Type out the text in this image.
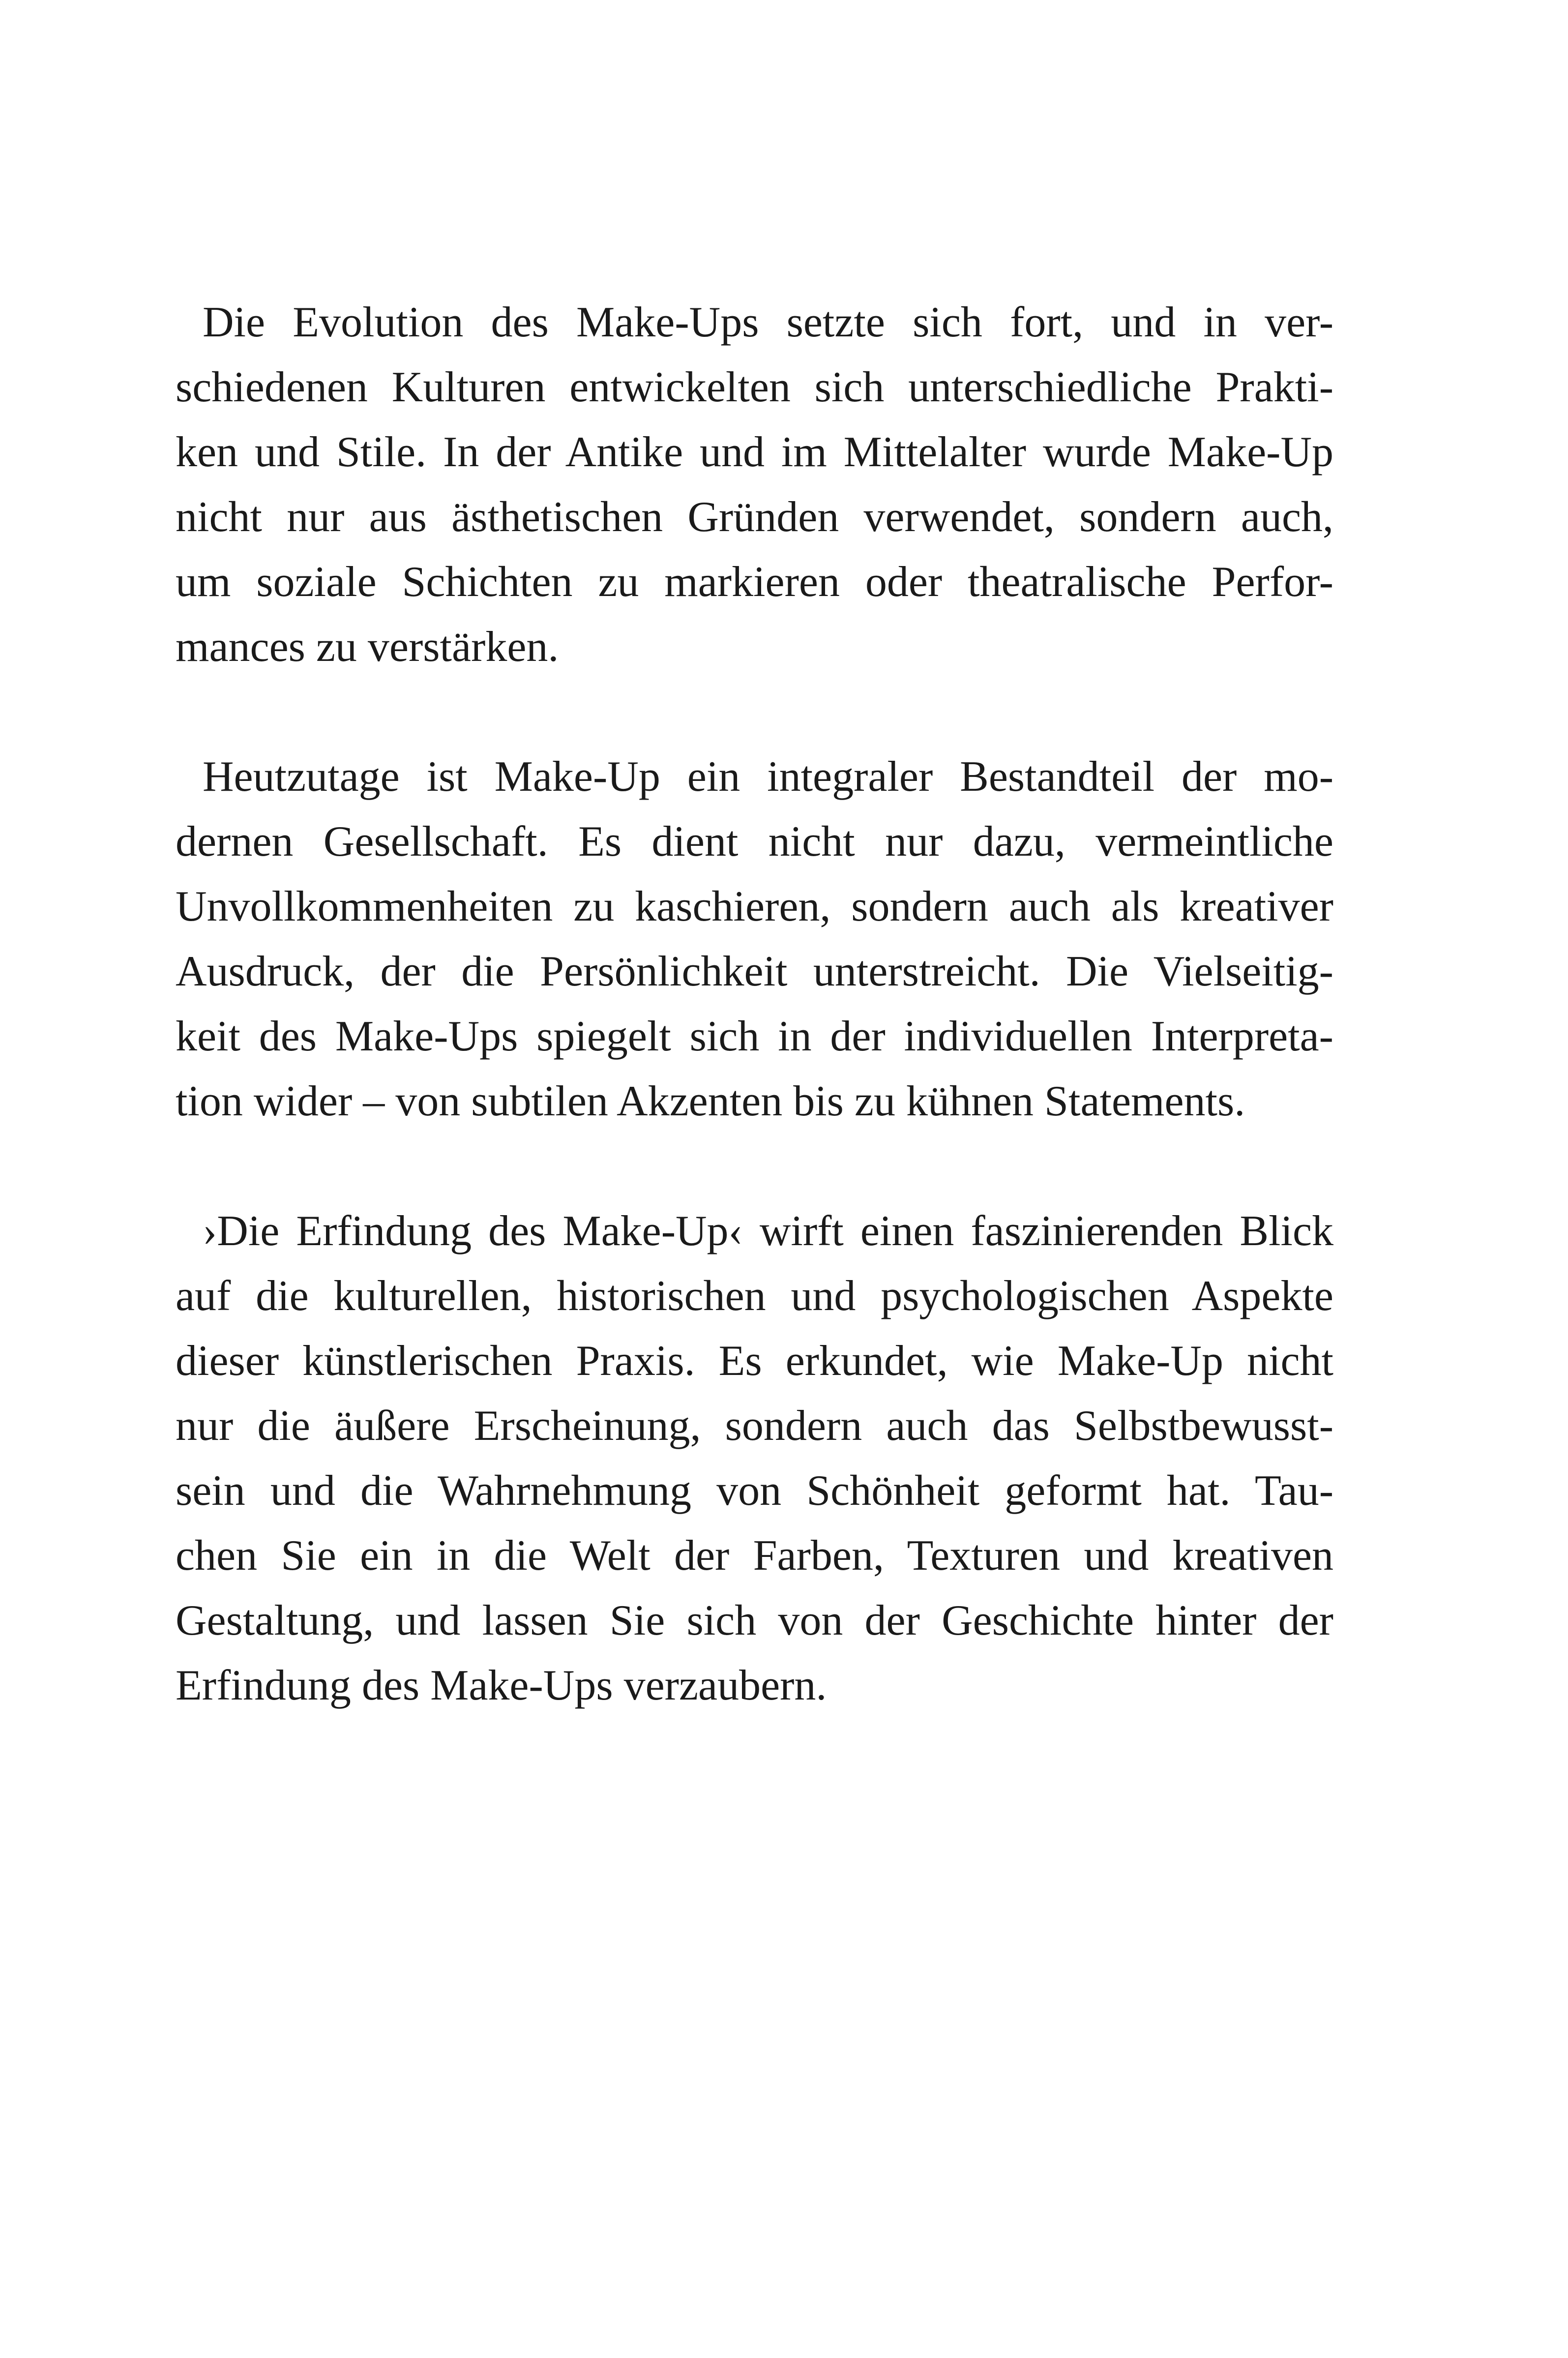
Die Evolution des Make-Ups setzte sich fort, und in ver-
schiedenen Kulturen entwickelten sich unterschiedliche Prakti-
ken und Stile. In der Antike und im Mittelalter wurde Make-Up
nicht nur aus ästhetischen Gründen verwendet, sondern auch,
um soziale Schichten zu markieren oder theatralische Perfor-
mances zu verstärken.
Heutzutage ist Make-Up ein integraler Bestandteil der mo-
dernen Gesellschaft. Es dient nicht nur dazu, vermeintliche
Unvollkommenheiten zu kaschieren, sondern auch als kreativer
Ausdruck, der die Persönlichkeit unterstreicht. Die Vielseitig-
keit des Make-Ups spiegelt sich in der individuellen Interpreta-
tion wider – von subtilen Akzenten bis zu kühnen Statements.
›Die Erfindung des Make-Up‹ wirft einen faszinierenden Blick
auf die kulturellen, historischen und psychologischen Aspekte
dieser künstlerischen Praxis. Es erkundet, wie Make-Up nicht
nur die äußere Erscheinung, sondern auch das Selbstbewusst-
sein und die Wahrnehmung von Schönheit geformt hat. Tau-
chen Sie ein in die Welt der Farben, Texturen und kreativen
Gestaltung, und lassen Sie sich von der Geschichte hinter der
Erfindung des Make-Ups verzaubern.
